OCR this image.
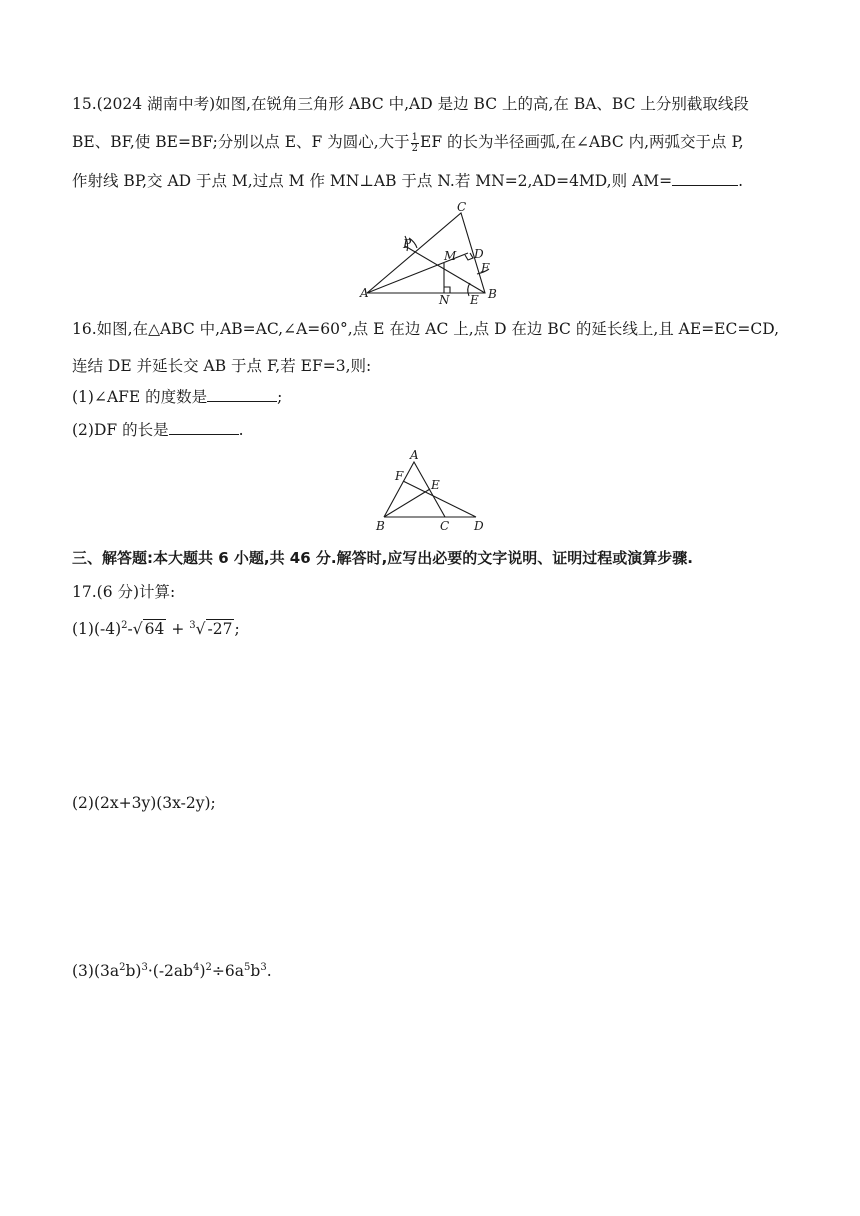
15.(2024 湖南中考)如图,在锐角三角形 ABC 中,AD 是边 BC 上的高,在 BA、BC 上分别截取线段
BE、BF,使 BE=BF;分别以点 E、F 为圆心,大于 $\frac{1}{2}$ EF 的长为半径画弧,在∠ABC 内,两弧交于点 P,
作射线 BP,交 AD 于点 M,过点 M 作 MN⊥AB 于点 N.若 MN=2,AD=4MD,则 AM=	.
C
P
M D
F
A	N E B
16.如图,在△ABC 中,AB=AC,∠A=60°,点 E 在边 AC 上,点 D 在边 BC 的延长线上,且 AE=EC=CD,
连结 DE 并延长交 AB 于点 F,若 EF=3,则:
(1)∠AFE 的度数是	;
(2)DF 的长是	.
A
F
E
B	C D
三、解答题:本大题共 6 小题,共 46 分.解答时,应写出必要的文字说明、证明过程或演算步骤.
17.(6 分)计算:
$(1)(-4)^2-√$ 64 + $^3$√ -27 ;
(2)(2x+3y)(3x-2y);
$(3)(3a^2b)^3\cdot(-2ab^4)^2\div 6a^5b^3$.
